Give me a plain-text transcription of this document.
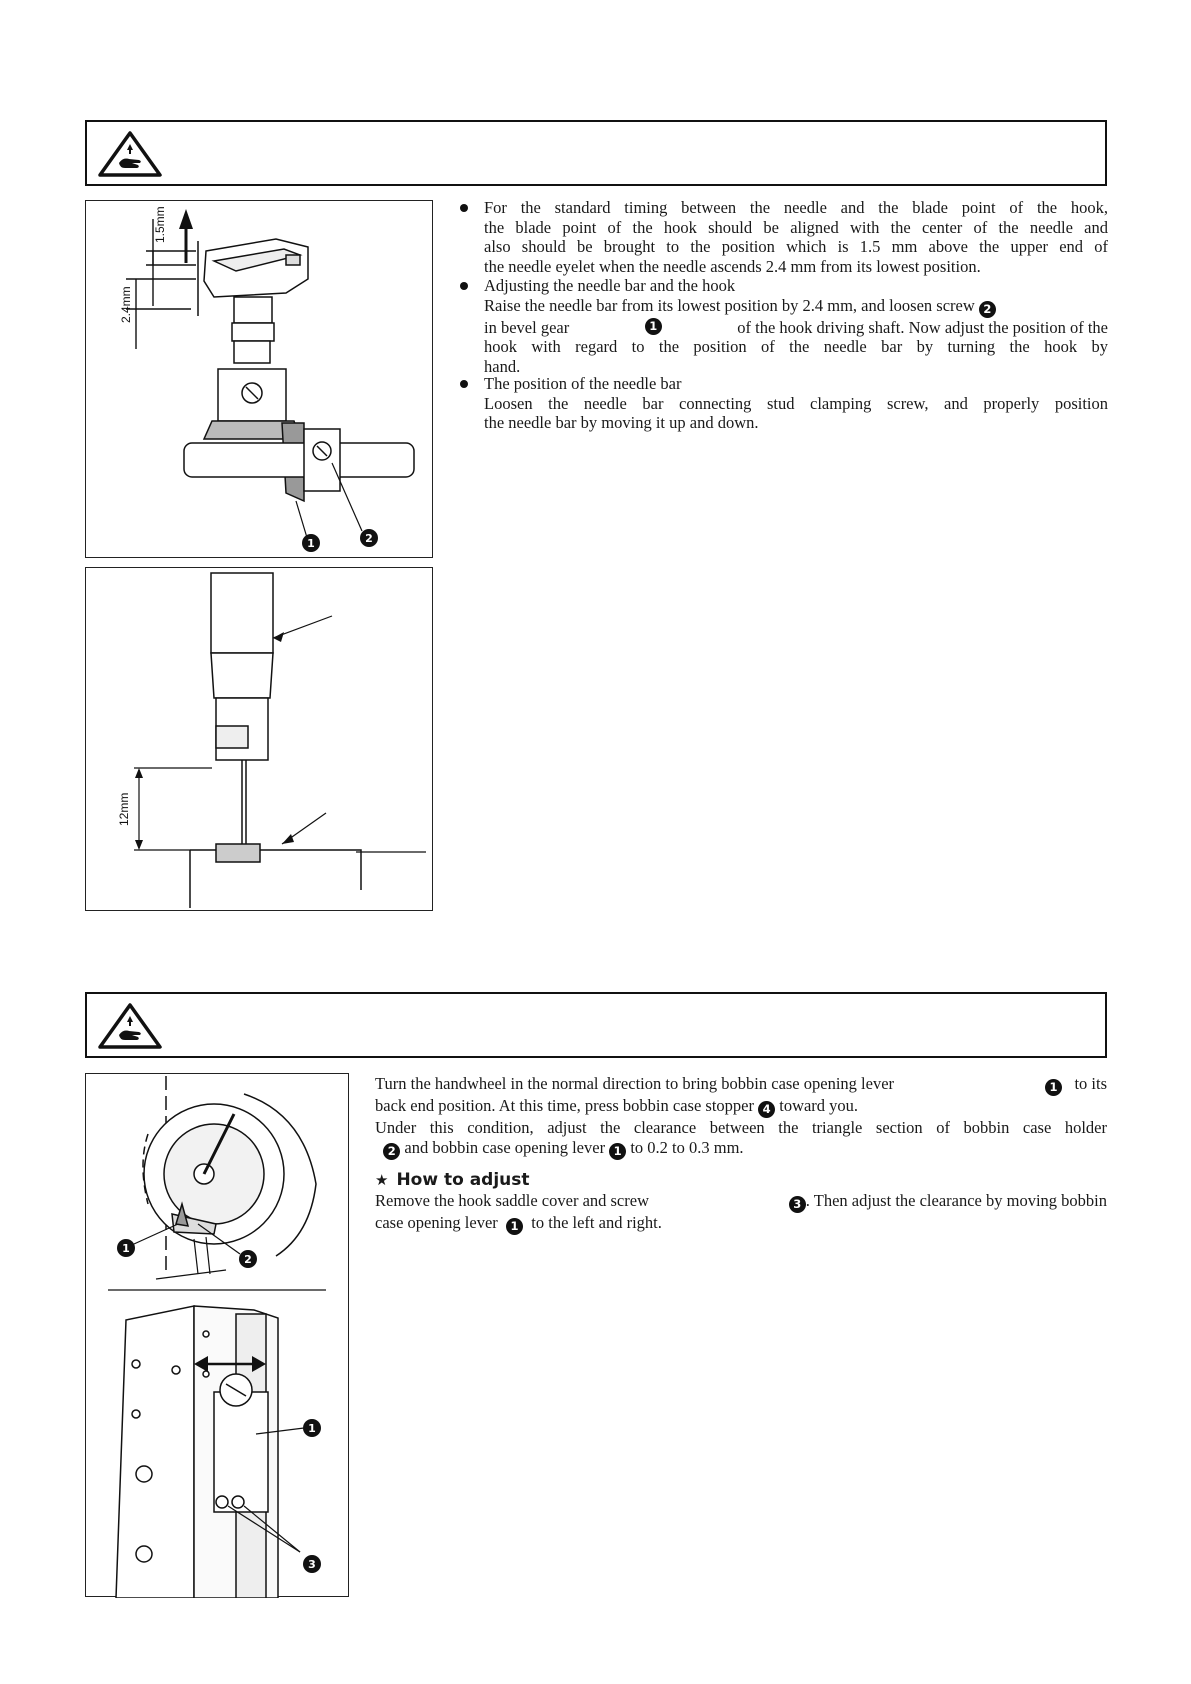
1.5mm
2.4mm
1	2
12mm
For the standard timing between the needle and the blade point of the hook,
the blade point of the hook should be aligned with the center of the needle and
also should be brought to the position which is 1.5 mm above the upper end of
the needle eyelet when the needle ascends 2.4 mm from its lowest position.
Adjusting the needle bar and the hook
Raise the needle bar from its lowest position by 2.4 mm, and loosen screw 2
in bevel gear	1	of the hook driving shaft. Now adjust the position of the
hook with regard to the position of the needle bar by turning the hook by
hand.
The position of the needle bar
Loosen the needle bar connecting stud clamping screw, and properly position
the needle bar by moving it up and down.
1
2
1
3
Turn the handwheel in the normal direction to bring bobbin case opening lever	1 to its
back end position. At this time, press bobbin case stopper 4 toward you.
Under this condition, adjust the clearance between the triangle section of bobbin case holder
2 and bobbin case opening lever 1 to 0.2 to 0.3 mm.
★ How to adjust
Remove the hook saddle cover and screw	3 . Then adjust the clearance by moving bobbin
case opening lever 1 to the left and right.
